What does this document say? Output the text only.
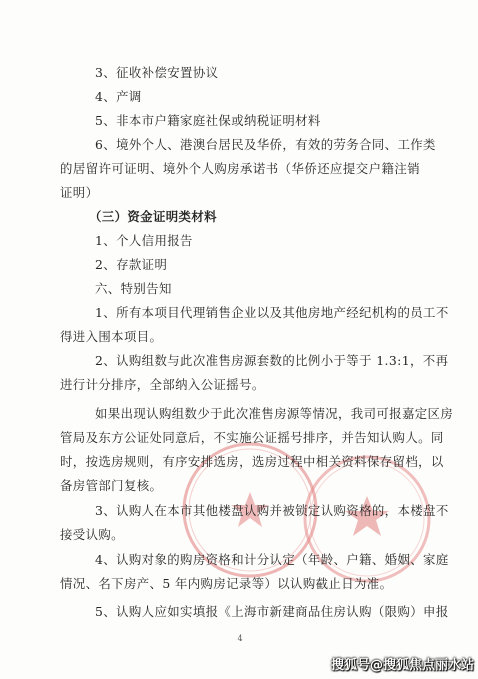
3、征收补偿安置协议
4、产调
5、非本市户籍家庭社保或纳税证明材料
6、境外个人、港澳台居民及华侨，有效的劳务合同、工作类
的居留许可证明、境外个人购房承诺书（华侨还应提交户籍注销
证明）
（三）资金证明类材料
1、个人信用报告
2、存款证明
六、特别告知
1、所有本项目代理销售企业以及其他房地产经纪机构的员工不
得进入围本项目。
2、认购组数与此次准售房源套数的比例小于等于 1.3:1，不再
进行计分排序，全部纳入公证摇号。
如果出现认购组数少于此次准售房源等情况，我司可报嘉定区房
管局及东方公证处同意后，不实施公证摇号排序，并告知认购人。同
时，按选房规则，有序安排选房，选房过程中相关资料保存留档，以
备房管部门复核。
3、认购人在本市其他楼盘认购并被锁定认购资格的，本楼盘不
接受认购。
4、认购对象的购房资格和计分认定（年龄、户籍、婚姻、家庭
情况、名下房产、5 年内购房记录等）以认购截止日为准。
5、认购人应如实填报《上海市新建商品住房认购（限购）申报
4
搜狐号@搜狐焦点丽水站
